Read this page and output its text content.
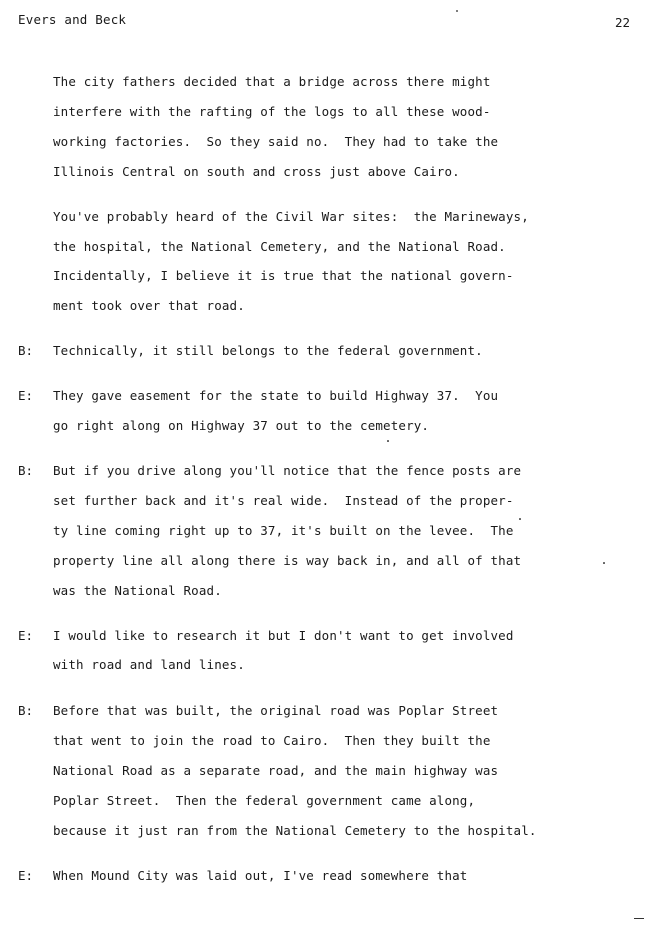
Evers and Beck	22
The city fathers decided that a bridge across there might
interfere with the rafting of the logs to all these wood-
working factories.  So they said no.  They had to take the
Illinois Central on south and cross just above Cairo.
You've probably heard of the Civil War sites:  the Marineways,
the hospital, the National Cemetery, and the National Road.
Incidentally, I believe it is true that the national govern-
ment took over that road.
B: Technically, it still belongs to the federal government.
E: They gave easement for the state to build Highway 37.  You
go right along on Highway 37 out to the cemetery.
B: But if you drive along you'll notice that the fence posts are
set further back and it's real wide.  Instead of the proper-
ty line coming right up to 37, it's built on the levee.  The
property line all along there is way back in, and all of that
was the National Road.
E: I would like to research it but I don't want to get involved
with road and land lines.
B: Before that was built, the original road was Poplar Street
that went to join the road to Cairo.  Then they built the
National Road as a separate road, and the main highway was
Poplar Street.  Then the federal government came along,
because it just ran from the National Cemetery to the hospital.
E: When Mound City was laid out, I've read somewhere that
